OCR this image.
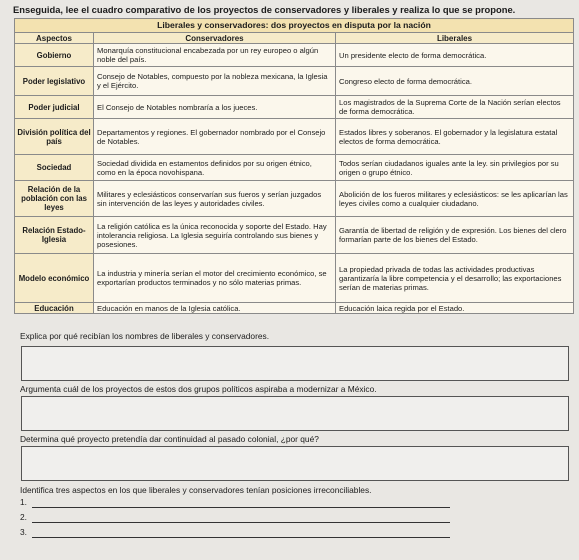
Enseguida, lee el cuadro comparativo de los proyectos de conservadores y liberales y realiza lo que se propone.
Liberales y conservadores: dos proyectos en disputa por la nación		
Aspectos	Conservadores	Liberales
Gobierno	Monarquía constitucional encabezada por un rey europeo o algún noble del país.	Un presidente electo de forma democrática.
Poder legislativo	Consejo de Notables, compuesto por la nobleza mexicana, la Iglesia y el Ejército.	Congreso electo de forma democrática.
Poder judicial	El Consejo de Notables nombraría a los jueces.	Los magistrados de la Suprema Corte de la Nación serían electos de forma democrática.
División política del país	Departamentos y regiones. El gobernador nombrado por el Consejo de Notables.	Estados libres y soberanos. El gobernador y la legislatura estatal electos de forma democrática.
Sociedad	Sociedad dividida en estamentos definidos por su origen étnico, como en la época novohispana.	Todos serían ciudadanos iguales ante la ley. sin privilegios por su origen o grupo étnico.
Relación de la población con las leyes	Militares y eclesiásticos conservarían sus fueros y serían juzgados sin intervención de las leyes y autoridades civiles.	Abolición de los fueros militares y eclesiásticos: se les aplicarían las leyes civiles como a cualquier ciudadano.
Relación Estado-Iglesia	La religión católica es la única reconocida y soporte del Estado. Hay intolerancia religiosa. La Iglesia seguiría controlando sus bienes y posesiones.	Garantía de libertad de religión y de expresión. Los bienes del clero formarían parte de los bienes del Estado.
Modelo económico	La industria y minería serían el motor del crecimiento económico, se exportarían productos terminados y no sólo materias primas.	La propiedad privada de todas las actividades productivas garantizaría la libre competencia y el desarrollo; las exportaciones serían de materias primas.
Educación	Educación en manos de la Iglesia católica.	Educación laica regida por el Estado.
Explica por qué recibían los nombres de liberales y conservadores.
Argumenta cuál de los proyectos de estos dos grupos políticos aspiraba a modernizar a México.
Determina qué proyecto pretendía dar continuidad al pasado colonial, ¿por qué?
Identifica tres aspectos en los que liberales y conservadores tenían posiciones irreconciliables.
1.
2.
3.
